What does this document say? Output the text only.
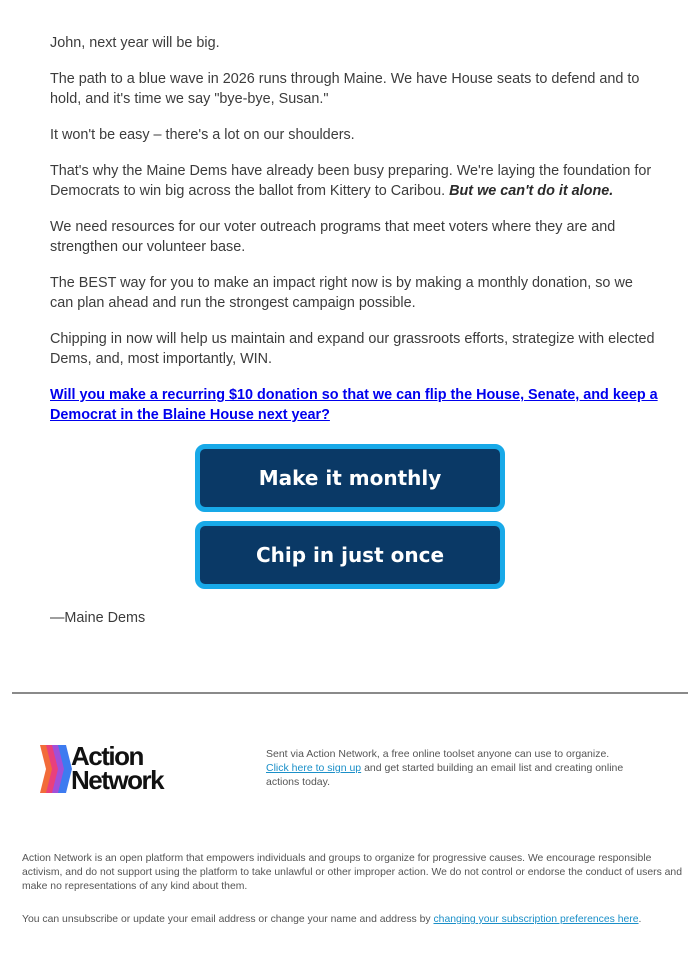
John, next year will be big.

The path to a blue wave in 2026 runs through Maine. We have House seats to defend and to hold, and it's time we say "bye-bye, Susan."

It won't be easy – there's a lot on our shoulders.

That's why the Maine Dems have already been busy preparing. We're laying the foundation for Democrats to win big across the ballot from Kittery to Caribou. But we can't do it alone.

We need resources for our voter outreach programs that meet voters where they are and strengthen our volunteer base.

The BEST way for you to make an impact right now is by making a monthly donation, so we can plan ahead and run the strongest campaign possible.

Chipping in now will help us maintain and expand our grassroots efforts, strategize with elected Dems, and, most importantly, WIN.

Will you make a recurring $10 donation so that we can flip the House, Senate, and keep a Democrat in the Blaine House next year?

Make it monthly
Chip in just once
—Maine Dems
Action
Network
Sent via Action Network, a free online toolset anyone can use to organize.
Click here to sign up and get started building an email list and creating online actions today.
Action Network is an open platform that empowers individuals and groups to organize for progressive causes. We encourage responsible activism, and do not support using the platform to take unlawful or other improper action. We do not control or endorse the conduct of users and make no representations of any kind about them.
You can unsubscribe or update your email address or change your name and address by changing your subscription preferences here.
